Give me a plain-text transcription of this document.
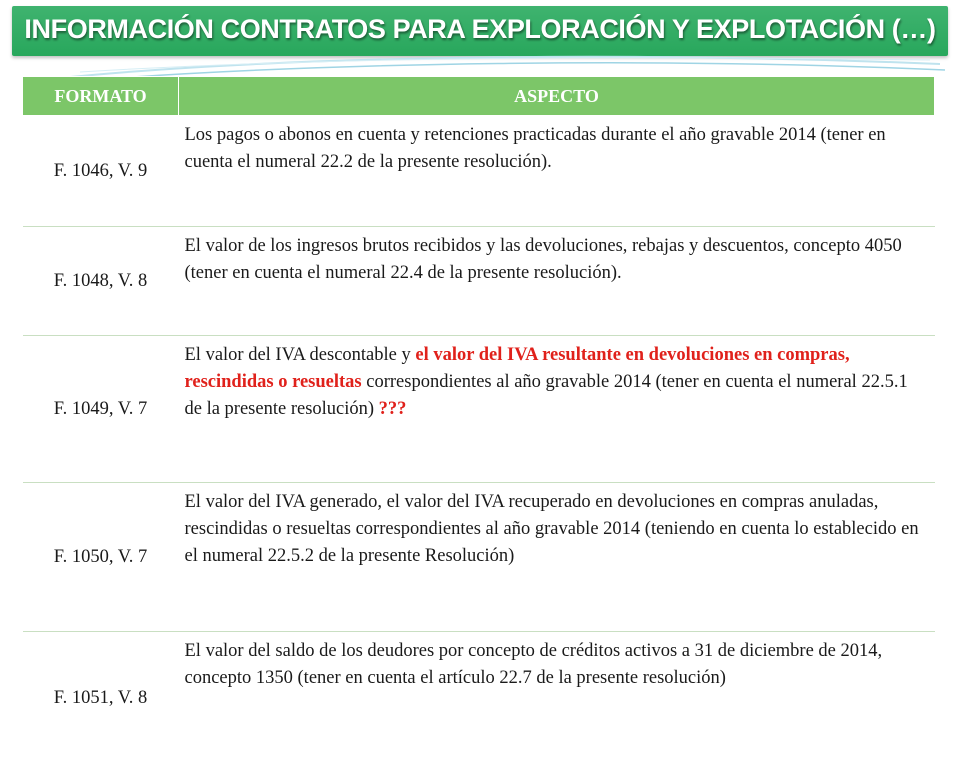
INFORMACIÓN CONTRATOS PARA EXPLORACIÓN Y EXPLOTACIÓN (…)
FORMATO	ASPECTO
F. 1046, V. 9	Los pagos o abonos en cuenta y retenciones practicadas durante el año gravable 2014 (tener en cuenta el numeral 22.2 de la presente resolución).
F. 1048, V. 8	El valor de los ingresos brutos recibidos y las devoluciones, rebajas y descuentos, concepto 4050 (tener en cuenta el numeral 22.4 de la presente resolución).
F. 1049, V. 7	El valor del IVA descontable y el valor del IVA resultante en devoluciones en compras, rescindidas o resueltas correspondientes al año gravable 2014 (tener en cuenta el numeral 22.5.1 de la presente resolución) ???
F. 1050, V. 7	El valor del IVA generado, el valor del IVA recuperado en devoluciones en compras anuladas, rescindidas o resueltas correspondientes al año gravable 2014 (teniendo en cuenta lo establecido en el numeral 22.5.2 de la presente Resolución)
F. 1051, V. 8	El valor del saldo de los deudores por concepto de créditos activos a 31 de diciembre de 2014, concepto 1350 (tener en cuenta el artículo 22.7 de la presente resolución)
